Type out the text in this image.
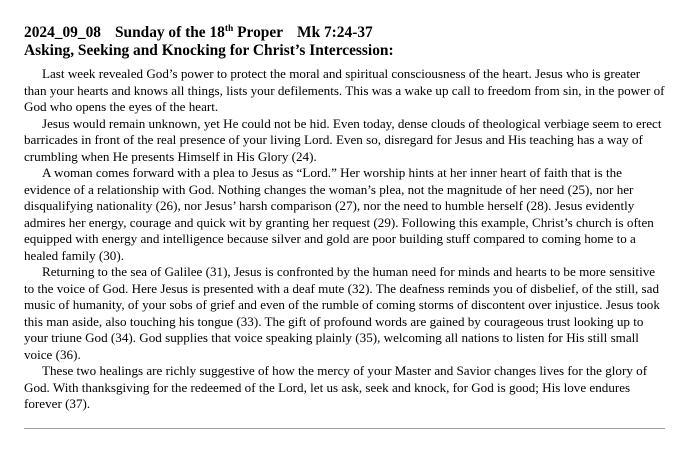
2024_09_08 Sunday of the 18th Proper Mk 7:24-37
Asking, Seeking and Knocking for Christ’s Intercession:

Last week revealed God’s power to protect the moral and spiritual consciousness of the heart. Jesus who is greater than your hearts and knows all things, lists your defilements. This was a wake up call to freedom from sin, in the power of God who opens the eyes of the heart.

Jesus would remain unknown, yet He could not be hid. Even today, dense clouds of theological verbiage seem to erect barricades in front of the real presence of your living Lord. Even so, disregard for Jesus and His teaching has a way of crumbling when He presents Himself in His Glory (24).

A woman comes forward with a plea to Jesus as “Lord.” Her worship hints at her inner heart of faith that is the evidence of a relationship with God. Nothing changes the woman’s plea, not the magnitude of her need (25), nor her disqualifying nationality (26), nor Jesus’ harsh comparison (27), nor the need to humble herself (28). Jesus evidently admires her energy, courage and quick wit by granting her request (29). Following this example, Christ’s church is often equipped with energy and intelligence because silver and gold are poor building stuff compared to coming home to a healed family (30).

Returning to the sea of Galilee (31), Jesus is confronted by the human need for minds and hearts to be more sensitive to the voice of God. Here Jesus is presented with a deaf mute (32). The deafness reminds you of disbelief, of the still, sad music of humanity, of your sobs of grief and even of the rumble of coming storms of discontent over injustice. Jesus took this man aside, also touching his tongue (33). The gift of profound words are gained by courageous trust looking up to your triune God (34). God supplies that voice speaking plainly (35), welcoming all nations to listen for His still small voice (36).

These two healings are richly suggestive of how the mercy of your Master and Savior changes lives for the glory of God. With thanksgiving for the redeemed of the Lord, let us ask, seek and knock, for God is good; His love endures forever (37).
